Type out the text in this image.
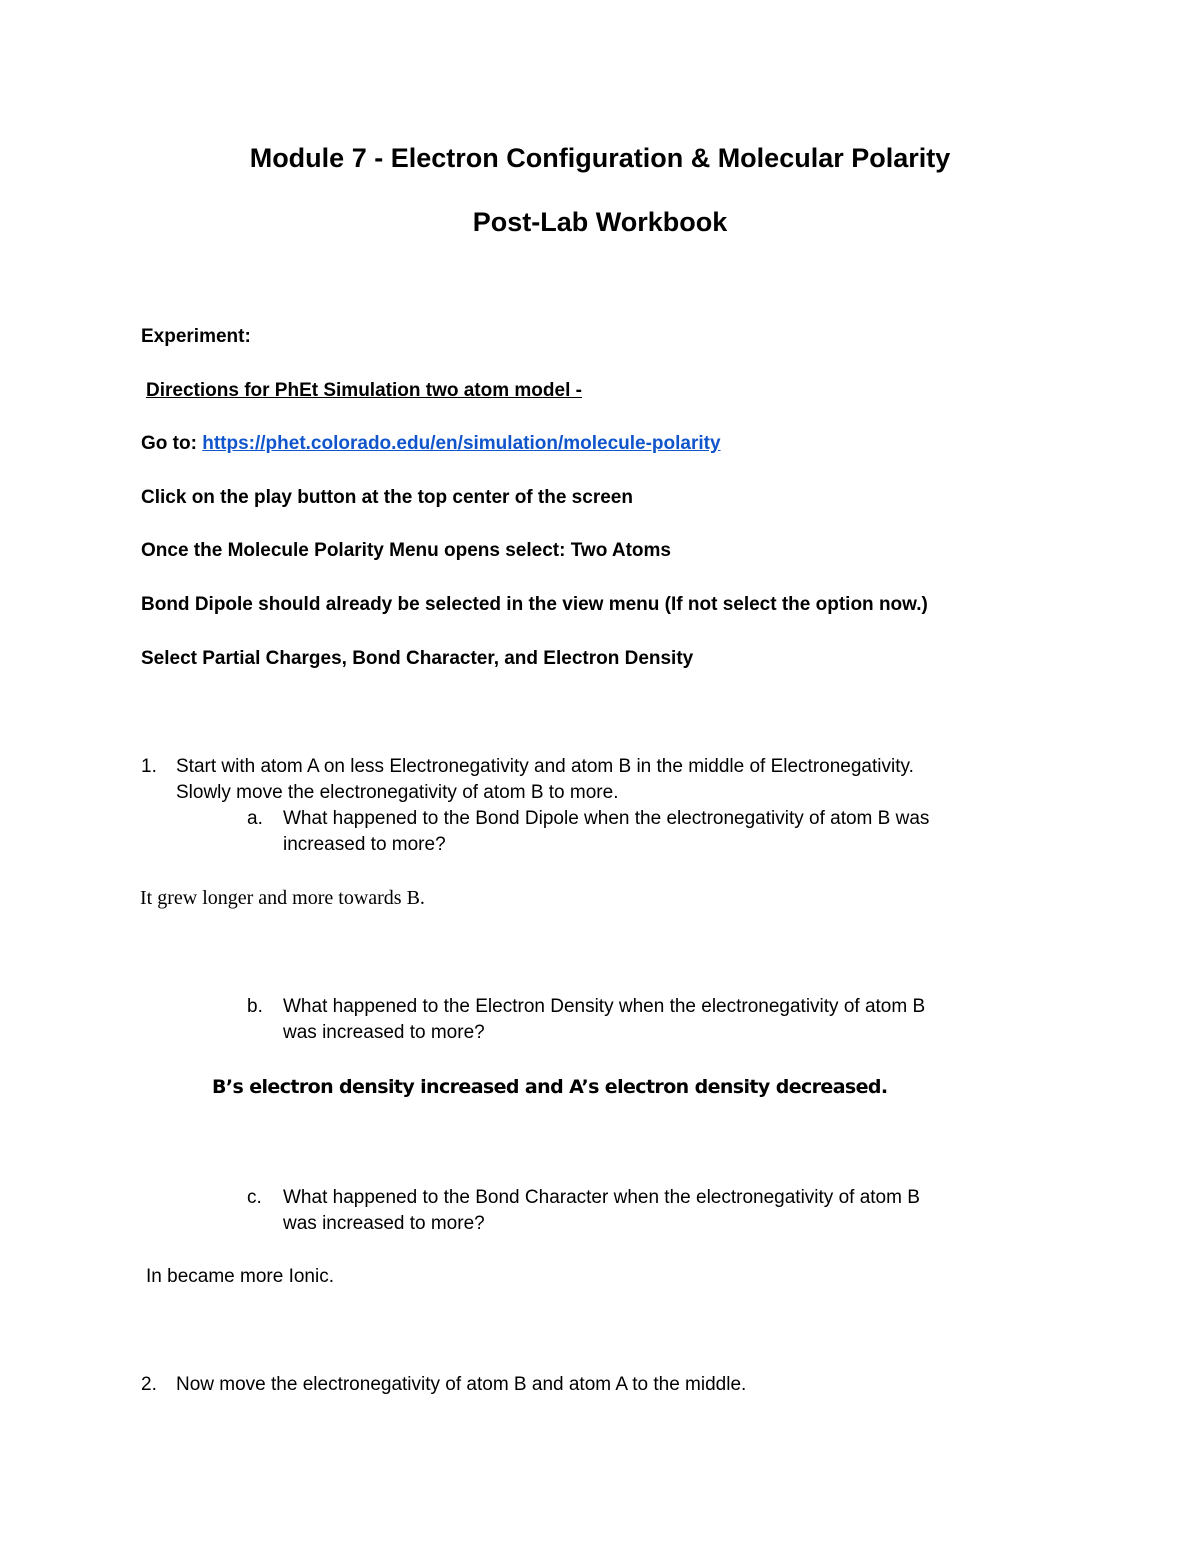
Module 7 - Electron Configuration & Molecular Polarity
Post-Lab Workbook
Experiment:
Directions for PhEt Simulation two atom model -
Go to: https://phet.colorado.edu/en/simulation/molecule-polarity
Click on the play button at the top center of the screen
Once the Molecule Polarity Menu opens select: Two Atoms
Bond Dipole should already be selected in the view menu (If not select the option now.)
Select Partial Charges, Bond Character, and Electron Density
1. Start with atom A on less Electronegativity and atom B in the middle of Electronegativity.
Slowly move the electronegativity of atom B to more.
a. What happened to the Bond Dipole when the electronegativity of atom B was
increased to more?
It grew longer and more towards B.
b. What happened to the Electron Density when the electronegativity of atom B
was increased to more?
B’s electron density increased and A’s electron density decreased.
c. What happened to the Bond Character when the electronegativity of atom B
was increased to more?
In became more Ionic.
2. Now move the electronegativity of atom B and atom A to the middle.
